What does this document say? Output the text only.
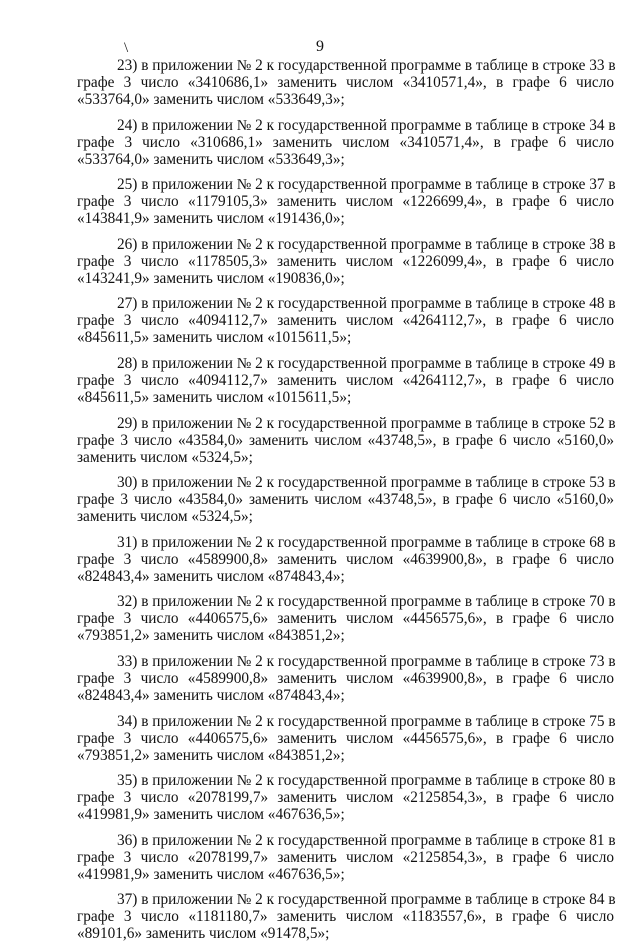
\	9
23) в приложении № 2 к государственной программе в таблице в строке 33 в
графе 3 число «3410686,1» заменить числом «3410571,4», в графе 6 число
«533764,0» заменить числом «533649,3»;
24) в приложении № 2 к государственной программе в таблице в строке 34 в
графе 3 число «310686,1» заменить числом «3410571,4», в графе 6 число
«533764,0» заменить числом «533649,3»;
25) в приложении № 2 к государственной программе в таблице в строке 37 в
графе 3 число «1179105,3» заменить числом «1226699,4», в графе 6 число
«143841,9» заменить числом «191436,0»;
26) в приложении № 2 к государственной программе в таблице в строке 38 в
графе 3 число «1178505,3» заменить числом «1226099,4», в графе 6 число
«143241,9» заменить числом «190836,0»;
27) в приложении № 2 к государственной программе в таблице в строке 48 в
графе 3 число «4094112,7» заменить числом «4264112,7», в графе 6 число
«845611,5» заменить числом «1015611,5»;
28) в приложении № 2 к государственной программе в таблице в строке 49 в
графе 3 число «4094112,7» заменить числом «4264112,7», в графе 6 число
«845611,5» заменить числом «1015611,5»;
29) в приложении № 2 к государственной программе в таблице в строке 52 в
графе 3 число «43584,0» заменить числом «43748,5», в графе 6 число «5160,0»
заменить числом «5324,5»;
30) в приложении № 2 к государственной программе в таблице в строке 53 в
графе 3 число «43584,0» заменить числом «43748,5», в графе 6 число «5160,0»
заменить числом «5324,5»;
31) в приложении № 2 к государственной программе в таблице в строке 68 в
графе 3 число «4589900,8» заменить числом «4639900,8», в графе 6 число
«824843,4» заменить числом «874843,4»;
32) в приложении № 2 к государственной программе в таблице в строке 70 в
графе 3 число «4406575,6» заменить числом «4456575,6», в графе 6 число
«793851,2» заменить числом «843851,2»;
33) в приложении № 2 к государственной программе в таблице в строке 73 в
графе 3 число «4589900,8» заменить числом «4639900,8», в графе 6 число
«824843,4» заменить числом «874843,4»;
34) в приложении № 2 к государственной программе в таблице в строке 75 в
графе 3 число «4406575,6» заменить числом «4456575,6», в графе 6 число
«793851,2» заменить числом «843851,2»;
35) в приложении № 2 к государственной программе в таблице в строке 80 в
графе 3 число «2078199,7» заменить числом «2125854,3», в графе 6 число
«419981,9» заменить числом «467636,5»;
36) в приложении № 2 к государственной программе в таблице в строке 81 в
графе 3 число «2078199,7» заменить числом «2125854,3», в графе 6 число
«419981,9» заменить числом «467636,5»;
37) в приложении № 2 к государственной программе в таблице в строке 84 в
графе 3 число «1181180,7» заменить числом «1183557,6», в графе 6 число
«89101,6» заменить числом «91478,5»;
